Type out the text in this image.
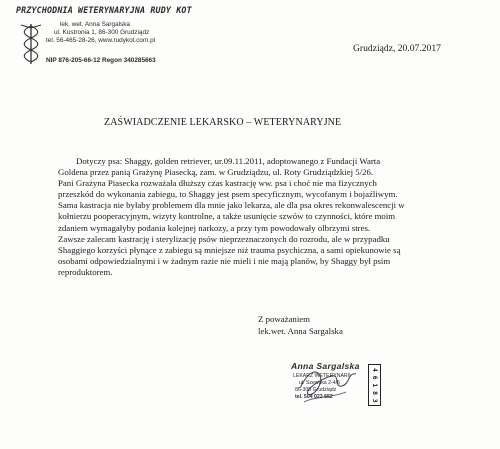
PRZYCHODNIA WETERYNARYJNA RUDY KOT
lek. wet. Anna Sargalska
ul. Kustronia 1, 86-300 Grudziądz
tel. 56-465-28-26, www.rudykot.com.pl
NIP 876-205-66-12 Regon 340285663
Grudziądz, 20.07.2017
ZAŚWIADCZENIE LEKARSKO – WETERYNARYJNE
Dotyczy psa: Shaggy, golden retriever, ur.09.11.2011, adoptowanego z Fundacji Warta
Goldena przez panią Grażynę Piasecką, zam. w Grudziądzu, ul. Roty Grudziądzkiej 5/26.
Pani Grażyna Piasecka rozważała dłuższy czas kastrację ww. psa i choć nie ma fizycznych
przeszkód do wykonania zabiegu, to Shaggy jest psem specyficznym, wycofanym i bojaźliwym.
Sama kastracja nie byłaby problemem dla mnie jako lekarza, ale dla psa okres rekonwalescencji w
kołnierzu pooperacyjnym, wizyty kontrolne, a także usunięcie szwów to czynności, które moim
zdaniem wymagałyby podania kolejnej narkozy, a przy tym powodowały olbrzymi stres.
Zawsze zalecam kastrację i sterylizację psów nieprzeznaczonych do rozrodu, ale w przypadku
Shaggiego korzyści płynące z zabiegu są mniejsze niż trauma psychiczna, a sami opiekunowie są
osobami odpowiedzialnymi i w żadnym razie nie mieli i nie mają planów, by Shaggy był psim
reproduktorem.
Z poważaniem
lek.wet. Anna Sargalska
Anna Sargalska
LEKARZ WETERYNARII
ul. Szewska 2-4/5
86-300 Grudziądz
tel. 504 023 652	4 6 1 8 3
